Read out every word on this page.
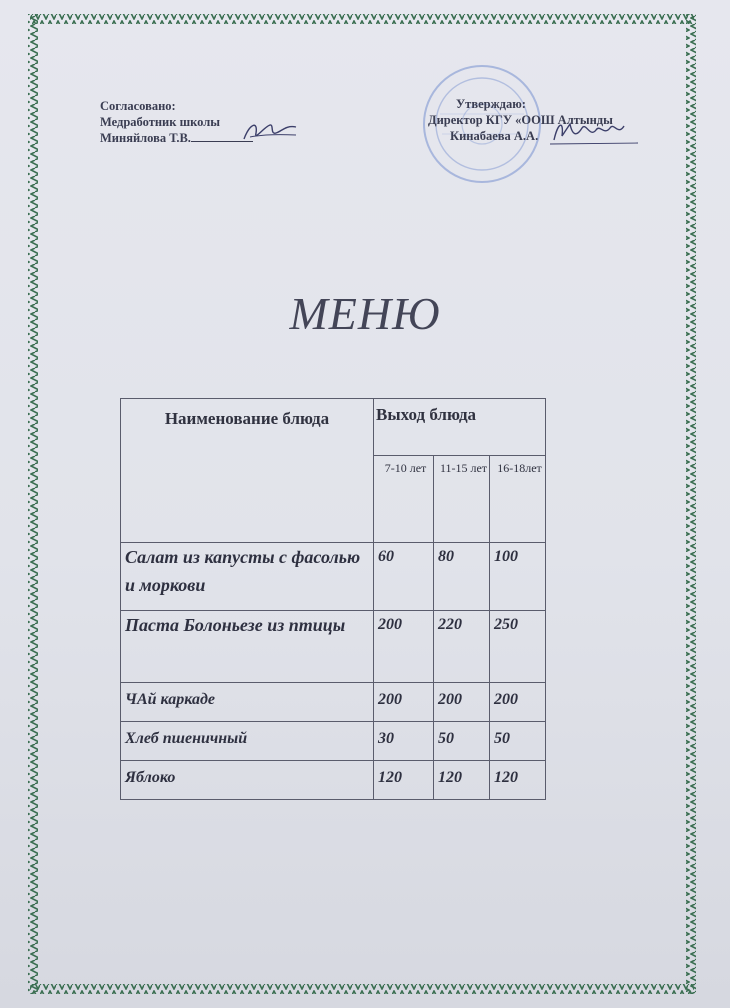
Согласовано:
Медработник школы
Миняйлова Т.В.
Утверждаю:
Директор КГУ «ООШ Алтынды
Кинабаева А.А.
МЕНЮ
Наименование блюда	Выход блюда		
	7-10 лет	11-15 лет	16-18лет
Салат из капусты с фасолью и моркови	60	80	100
Паста Болоньезе из птицы	200	220	250
ЧАй каркаде	200	200	200
Хлеб пшеничный	30	50	50
Яблоко	120	120	120
